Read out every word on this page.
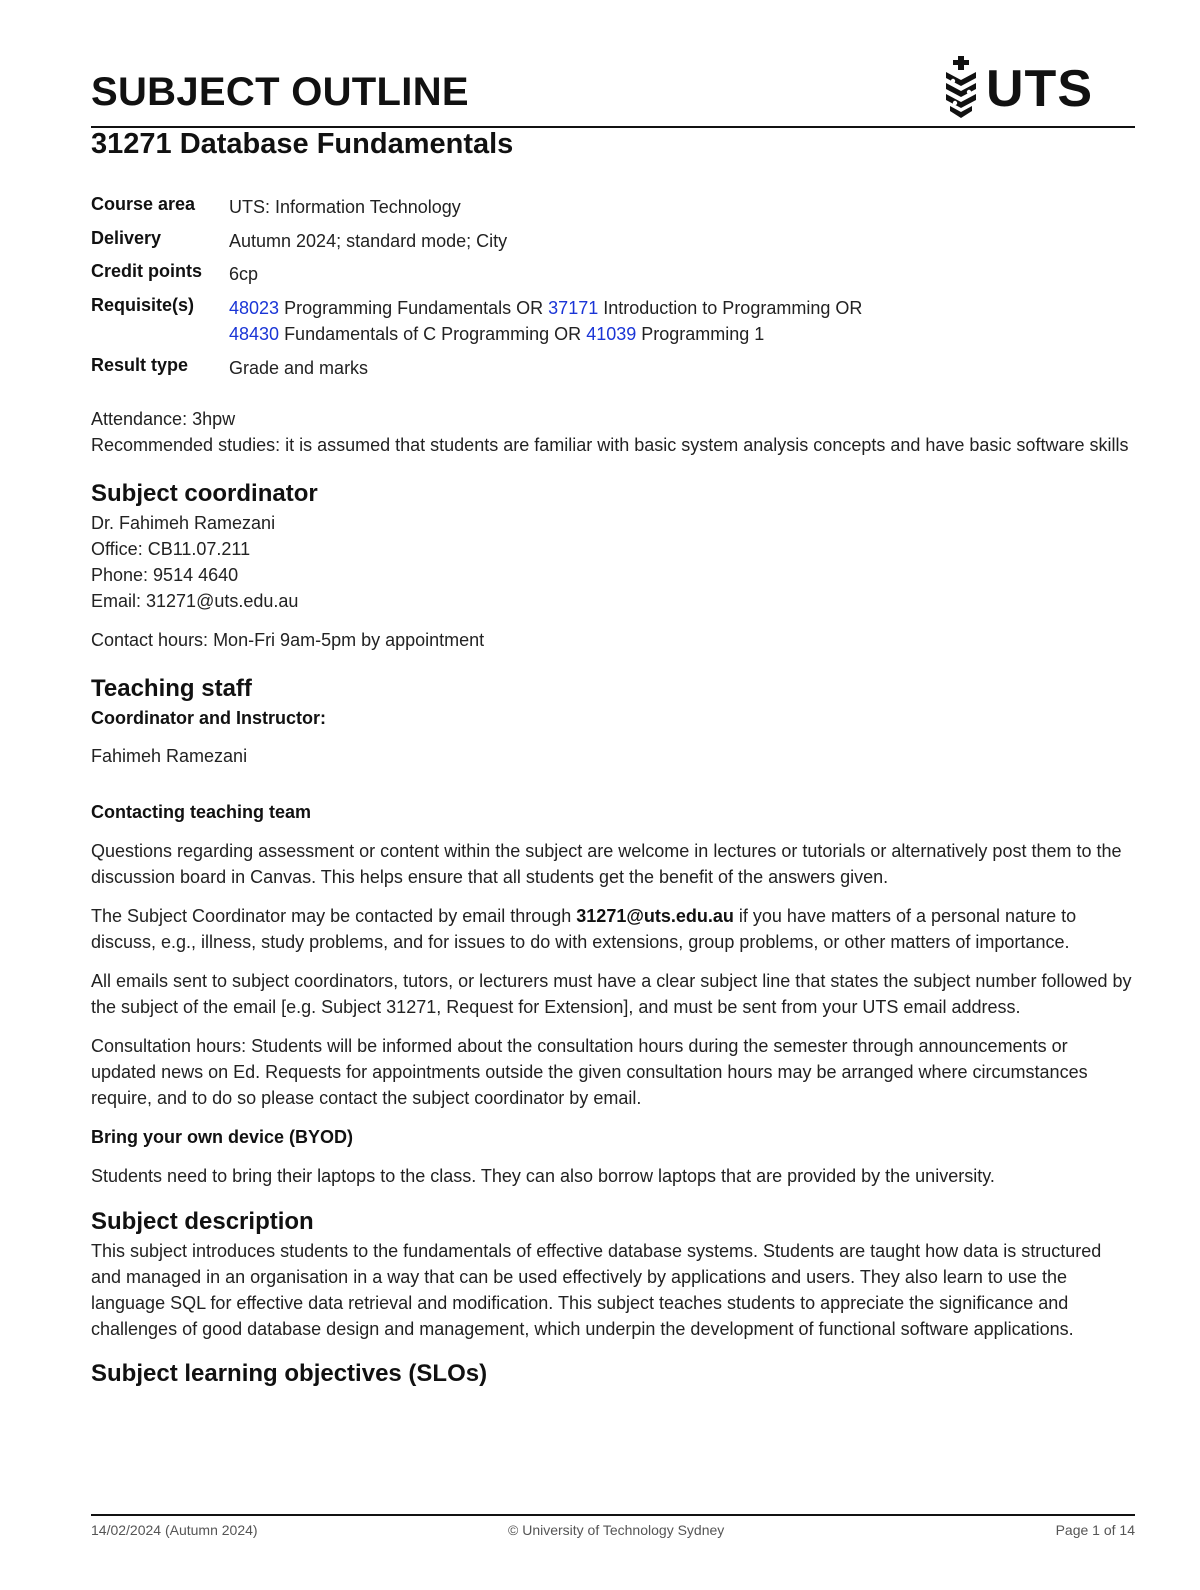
SUBJECT OUTLINE	UTS
31271 Database Fundamentals
Course area	UTS: Information Technology
Delivery	Autumn 2024; standard mode; City
Credit points	6cp
Requisite(s)	48023 Programming Fundamentals OR 37171 Introduction to Programming OR
48430 Fundamentals of C Programming OR 41039 Programming 1
Result type	Grade and marks

Attendance: 3hpw

Recommended studies: it is assumed that students are familiar with basic system analysis concepts and have basic software skills

Subject coordinator

Dr. Fahimeh Ramezani

Office: CB11.07.211

Phone: 9514 4640

Email: 31271@uts.edu.au

Contact hours: Mon-Fri 9am-5pm by appointment

Teaching staff
Coordinator and Instructor:

Fahimeh Ramezani

Contacting teaching team

Questions regarding assessment or content within the subject are welcome in lectures or tutorials or alternatively post them to the discussion board in Canvas. This helps ensure that all students get the benefit of the answers given.

The Subject Coordinator may be contacted by email through 31271@uts.edu.au if you have matters of a personal nature to discuss, e.g., illness, study problems, and for issues to do with extensions, group problems, or other matters of importance.

All emails sent to subject coordinators, tutors, or lecturers must have a clear subject line that states the subject number followed by the subject of the email [e.g. Subject 31271, Request for Extension], and must be sent from your UTS email address.

Consultation hours: Students will be informed about the consultation hours during the semester through announcements or updated news on Ed. Requests for appointments outside the given consultation hours may be arranged where circumstances require, and to do so please contact the subject coordinator by email.

Bring your own device (BYOD)

Students need to bring their laptops to the class. They can also borrow laptops that are provided by the university.

Subject description

This subject introduces students to the fundamentals of effective database systems. Students are taught how data is structured and managed in an organisation in a way that can be used effectively by applications and users. They also learn to use the language SQL for effective data retrieval and modification. This subject teaches students to appreciate the significance and challenges of good database design and management, which underpin the development of functional software applications.

Subject learning objectives (SLOs)
14/02/2024 (Autumn 2024)	© University of Technology Sydney	Page 1 of 14
